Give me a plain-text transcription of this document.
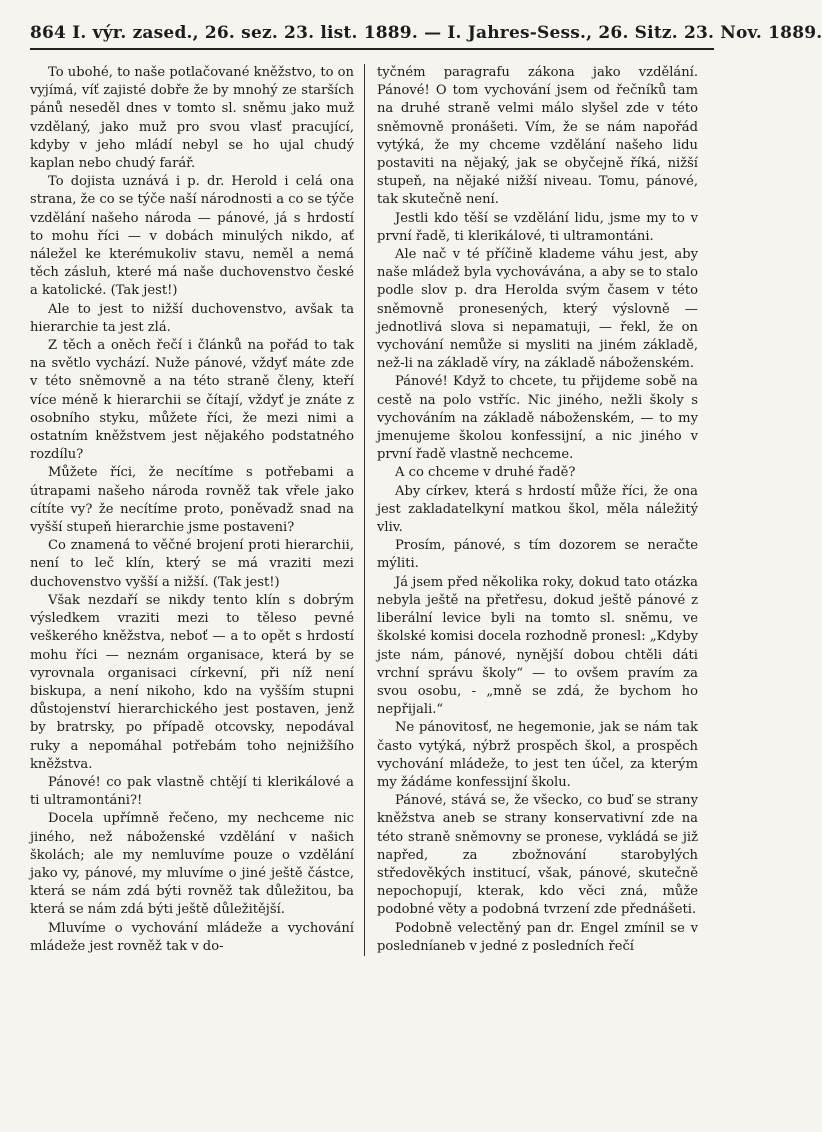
864 I. výr. zased., 26. sez. 23. list. 1889. — I. Jahres-Sess., 26. Sitz. 23. Nov. 1889.

To ubohé, to naše potlačované kněžstvo, to on vyjímá, víť zajisté dobře že by mnohý ze starších pánů neseděl dnes v tomto sl. sněmu jako muž vzdělaný, jako muž pro svou vlasť pracující, kdyby v jeho mládí nebyl se ho ujal chudý kaplan nebo chudý farář.

To dojista uznává i p. dr. Herold i celá ona strana, že co se týče naší národnosti a co se týče vzdělání našeho národa — pánové, já s hrdostí to mohu říci — v dobách minulých nikdo, ať náležel ke kterémukoliv stavu, neměl a nemá těch zásluh, které má naše duchovenstvo české a katolické. (Tak jest!)

Ale to jest to nižší duchovenstvo, avšak ta hierarchie ta jest zlá.

Z těch a oněch řečí i článků na pořád to tak na světlo vychází. Nuže pánové, vždyť máte zde v této sněmovně a na této straně členy, kteří více méně k hierarchii se čítají, vždyť je znáte z osobního styku, můžete říci, že mezi nimi a ostatním kněžstvem jest nějakého podstatného rozdílu?

Můžete říci, že necítíme s potřebami a útrapami našeho národa rovněž tak vřele jako cítíte vy? že necítíme proto, poněvadž snad na vyšší stupeň hierarchie jsme postaveni?

Co znamená to věčné brojení proti hierarchii, není to leč klín, který se má vraziti mezi duchovenstvo vyšší a nižší. (Tak jest!)

Však nezdaří se nikdy tento klín s dobrým výsledkem vraziti mezi to těleso pevné veškerého kněžstva, neboť — a to opět s hrdostí mohu říci — neznám organisace, která by se vyrovnala organisaci církevní, při níž není biskupa, a není nikoho, kdo na vyšším stupni důstojenství hierarchického jest postaven, jenž by bratrsky, po případě otcovsky, nepodával ruky a nepomáhal potřebám toho nejnižšího kněžstva.

Pánové! co pak vlastně chtějí ti klerikálové a ti ultramontáni?!

Docela upřímně řečeno, my nechceme nic jiného, než náboženské vzdělání v našich školách; ale my nemluvíme pouze o vzdělání jako vy, pánové, my mluvíme o jiné ještě částce, která se nám zdá býti rovněž tak důležitou, ba která se nám zdá býti ještě důležitější.

Mluvíme o vychování mládeže a vychování mládeže jest rovněž tak v do-

tyčném paragrafu zákona jako vzdělání. Pánové! O tom vychování jsem od řečníků tam na druhé straně velmi málo slyšel zde v této sněmovně pronášeti. Vím, že se nám napořád vytýká, že my chceme vzdělání našeho lidu postaviti na nějaký, jak se obyčejně říká, nižší stupeň, na nějaké nižší niveau. Tomu, pánové, tak skutečně není.

Jestli kdo těší se vzdělání lidu, jsme my to v první řadě, ti klerikálové, ti ultramontáni.

Ale nač v té příčině klademe váhu jest, aby naše mládež byla vychovávána, a aby se to stalo podle slov p. dra Herolda svým časem v této sněmovně pronesených, který výslovně — jednotlivá slova si nepamatuji, — řekl, že on vychování nemůže si mysliti na jiném základě, než-li na základě víry, na základě náboženském.

Pánové! Když to chcete, tu přijdeme sobě na cestě na polo vstříc. Nic jiného, nežli školy s vychováním na základě náboženském, — to my jmenujeme školou konfessijní, a nic jiného v první řadě vlastně nechceme.

A co chceme v druhé řadě?

Aby církev, která s hrdostí může říci, že ona jest zakladatelkyní matkou škol, měla náležitý vliv.

Prosím, pánové, s tím dozorem se neračte mýliti.

Já jsem před několika roky, dokud tato otázka nebyla ještě na přetřesu, dokud ještě pánové z liberální levice byli na tomto sl. sněmu, ve školské komisi docela rozhodně pronesl: „Kdyby jste nám, pánové, nynější dobou chtěli dáti vrchní správu školy“ — to ovšem pravím za svou osobu, - „mně se zdá, že bychom ho nepřijali.“

Ne pánovitosť, ne hegemonie, jak se nám tak často vytýká, nýbrž prospěch škol, a prospěch vychování mládeže, to jest ten účel, za kterým my žádáme konfessijní školu.

Pánové, stává se, že všecko, co buď se strany kněžstva aneb se strany konservativní zde na této straně sněmovny se pronese, vykládá se již napřed, za zbožnování starobylých středověkých institucí, však, pánové, skutečně nepochopují, kterak, kdo věci zná, může podobné věty a podobná tvrzení zde přednášeti.

Podobně velectěný pan dr. Engel zmínil se v posledníaneb v jedné z posledních řečí
